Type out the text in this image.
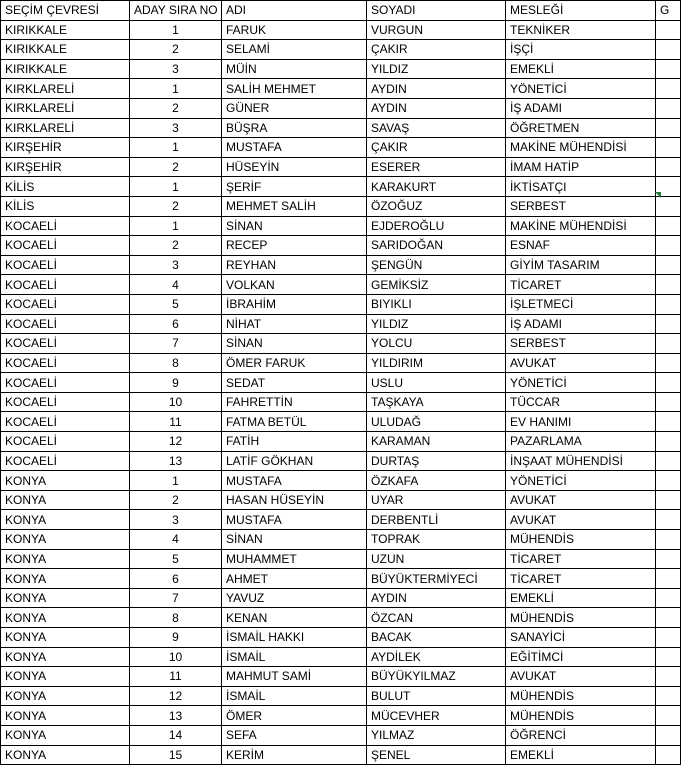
SEÇİM ÇEVRESİ	ADAY SIRA NO	ADI	SOYADI	MESLEĞİ	G
KIRIKKALE	1	FARUK	VURGUN	TEKNİKER	
KIRIKKALE	2	SELAMİ	ÇAKIR	İŞÇİ	
KIRIKKALE	3	MÜİN	YILDIZ	EMEKLİ	
KIRKLARELİ	1	SALİH MEHMET	AYDIN	YÖNETİCİ	
KIRKLARELİ	2	GÜNER	AYDIN	İŞ ADAMI	
KIRKLARELİ	3	BÜŞRA	SAVAŞ	ÖĞRETMEN	
KIRŞEHİR	1	MUSTAFA	ÇAKIR	MAKİNE MÜHENDİSİ	
KIRŞEHİR	2	HÜSEYİN	ESERER	İMAM HATİP	
KİLİS	1	ŞERİF	KARAKURT	İKTİSATÇI	
KİLİS	2	MEHMET SALİH	ÖZOĞUZ	SERBEST	
KOCAELİ	1	SİNAN	EJDEROĞLU	MAKİNE MÜHENDİSİ	
KOCAELİ	2	RECEP	SARIDOĞAN	ESNAF	
KOCAELİ	3	REYHAN	ŞENGÜN	GİYİM TASARIM	
KOCAELİ	4	VOLKAN	GEMİKSİZ	TİCARET	
KOCAELİ	5	İBRAHİM	BIYIKLI	İŞLETMECİ	
KOCAELİ	6	NİHAT	YILDIZ	İŞ ADAMI	
KOCAELİ	7	SİNAN	YOLCU	SERBEST	
KOCAELİ	8	ÖMER FARUK	YILDIRIM	AVUKAT	
KOCAELİ	9	SEDAT	USLU	YÖNETİCİ	
KOCAELİ	10	FAHRETTİN	TAŞKAYA	TÜCCAR	
KOCAELİ	11	FATMA BETÜL	ULUDAĞ	EV HANIMI	
KOCAELİ	12	FATİH	KARAMAN	PAZARLAMA	
KOCAELİ	13	LATİF GÖKHAN	DURTAŞ	İNŞAAT MÜHENDİSİ	
KONYA	1	MUSTAFA	ÖZKAFA	YÖNETİCİ	
KONYA	2	HASAN HÜSEYİN	UYAR	AVUKAT	
KONYA	3	MUSTAFA	DERBENTLİ	AVUKAT	
KONYA	4	SİNAN	TOPRAK	MÜHENDİS	
KONYA	5	MUHAMMET	UZUN	TİCARET	
KONYA	6	AHMET	BÜYÜKTERMİYECİ	TİCARET	
KONYA	7	YAVUZ	AYDIN	EMEKLİ	
KONYA	8	KENAN	ÖZCAN	MÜHENDİS	
KONYA	9	İSMAİL HAKKI	BACAK	SANAYİCİ	
KONYA	10	İSMAİL	AYDİLEK	EĞİTİMCİ	
KONYA	11	MAHMUT SAMİ	BÜYÜKYILMAZ	AVUKAT	
KONYA	12	İSMAİL	BULUT	MÜHENDİS	
KONYA	13	ÖMER	MÜCEVHER	MÜHENDİS	
KONYA	14	SEFA	YILMAZ	ÖĞRENCİ	
KONYA	15	KERİM	ŞENEL	EMEKLİ	
